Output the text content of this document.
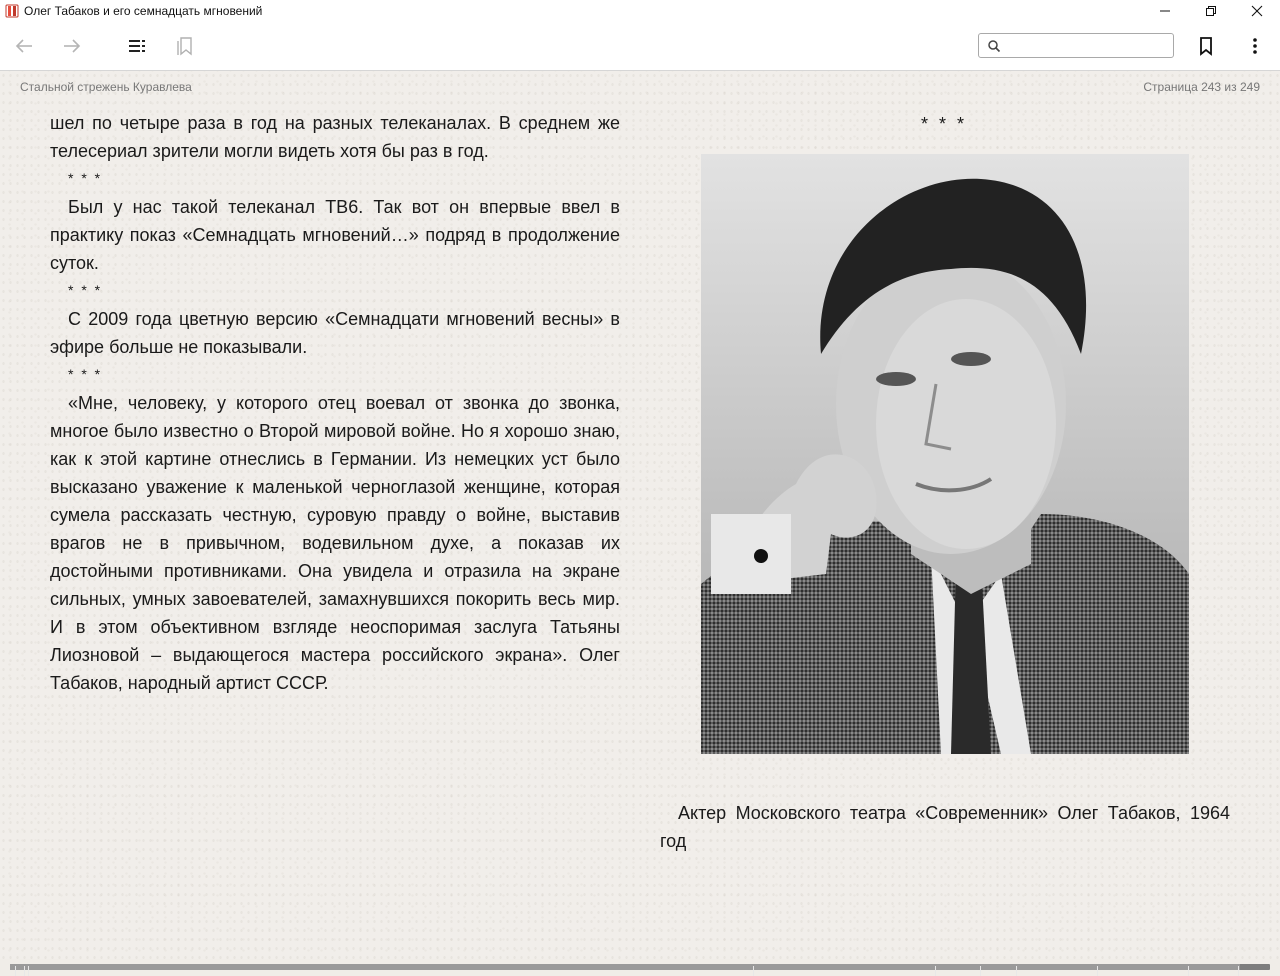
Олег Табаков и его семнадцать мгновений
Стальной стрежень Куравлева	Страница 243 из 249

шел по четыре раза в год на разных телеканалах. В среднем же телесериал зрители могли видеть хотя бы раз в год.

* * *

Был у нас такой телеканал ТВ6. Так вот он впервые ввел в практику показ «Семнадцать мгновений…» подряд в продолжение суток.

* * *

С 2009 года цветную версию «Семнадцати мгновений весны» в эфире больше не показывали.

* * *

«Мне, человеку, у которого отец воевал от звонка до звонка, многое было известно о Второй мировой войне. Но я хорошо знаю, как к этой картине отнеслись в Германии. Из немецких уст было высказано уважение к маленькой черноглазой женщине, которая сумела рассказать честную, суровую правду о войне, выставив врагов не в привычном, водевильном духе, а показав их достойными противниками. Она увидела и отразила на экране сильных, умных завоевателей, замахнувшихся покорить весь мир. И в этом объективном взгляде неоспоримая заслуга Татьяны Лиозновой – выдающегося мастера российского экрана». Олег Табаков, народный артист СССР.

* * *
Актер Московского театра «Современник» Олег Табаков, 1964 год
